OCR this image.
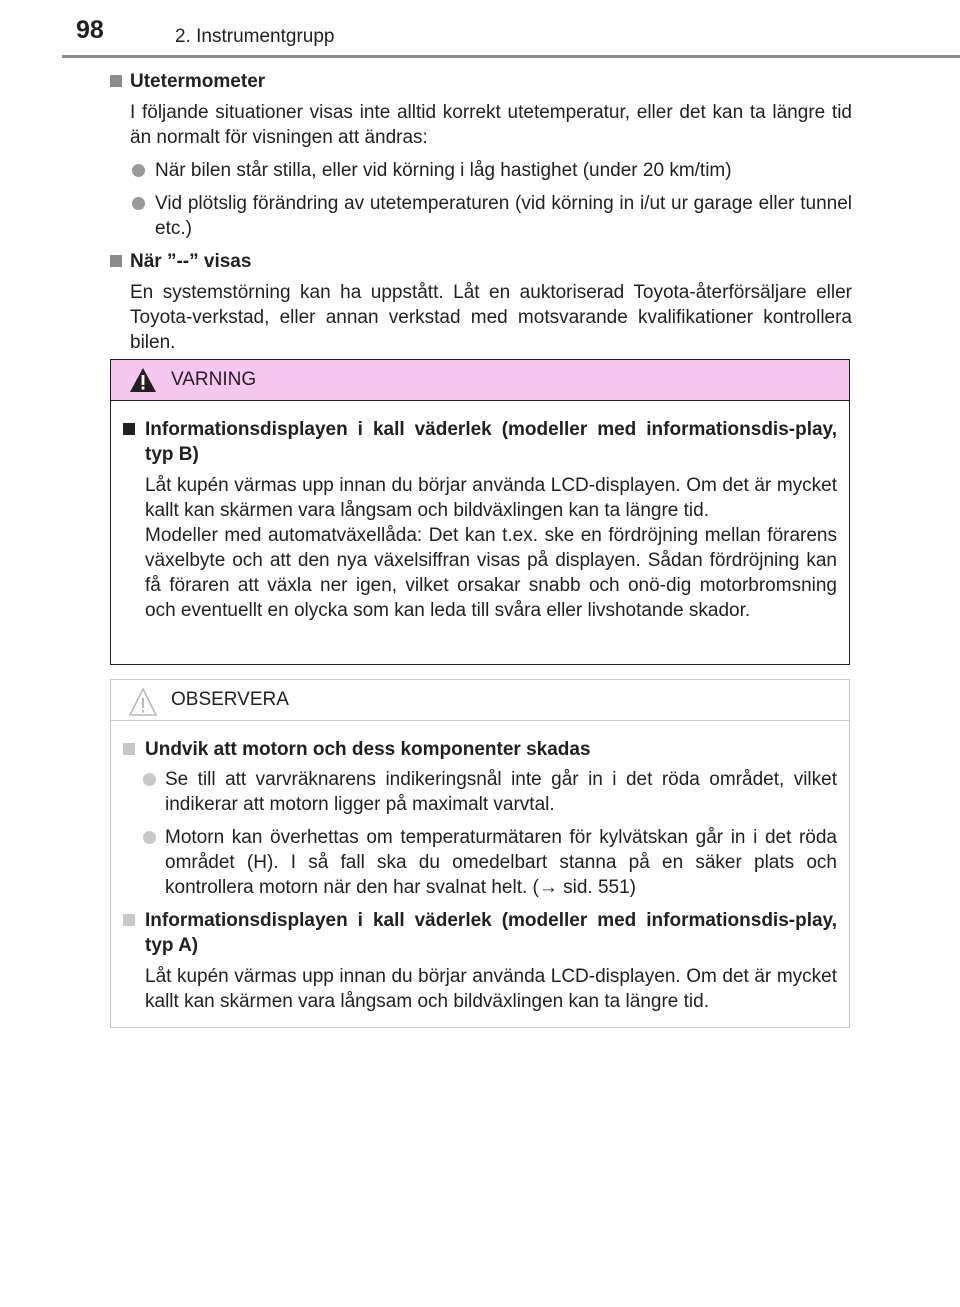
98	2. Instrumentgrupp
Utetermometer
I följande situationer visas inte alltid korrekt utetemperatur, eller det kan ta längre tid än normalt för visningen att ändras:
När bilen står stilla, eller vid körning i låg hastighet (under 20 km/tim)
Vid plötslig förändring av utetemperaturen (vid körning in i/ut ur garage eller tunnel etc.)
När ”--” visas
En systemstörning kan ha uppstått. Låt en auktoriserad Toyota-återförsäljare eller Toyota-verkstad, eller annan verkstad med motsvarande kvalifikationer kontrollera bilen.
VARNING
Informationsdisplayen i kall väderlek (modeller med informationsdis-play, typ B)
Låt kupén värmas upp innan du börjar använda LCD-displayen. Om det är mycket kallt kan skärmen vara långsam och bildväxlingen kan ta längre tid.
Modeller med automatväxellåda: Det kan t.ex. ske en fördröjning mellan förarens växelbyte och att den nya växelsiffran visas på displayen. Sådan fördröjning kan få föraren att växla ner igen, vilket orsakar snabb och onö-dig motorbromsning och eventuellt en olycka som kan leda till svåra eller livshotande skador.
OBSERVERA
Undvik att motorn och dess komponenter skadas
Se till att varvräknarens indikeringsnål inte går in i det röda området, vilket indikerar att motorn ligger på maximalt varvtal.
Motorn kan överhettas om temperaturmätaren för kylvätskan går in i det röda området (H). I så fall ska du omedelbart stanna på en säker plats och kontrollera motorn när den har svalnat helt. (→ sid. 551)
Informationsdisplayen i kall väderlek (modeller med informationsdis-play, typ A)
Låt kupén värmas upp innan du börjar använda LCD-displayen. Om det är mycket kallt kan skärmen vara långsam och bildväxlingen kan ta längre tid.
